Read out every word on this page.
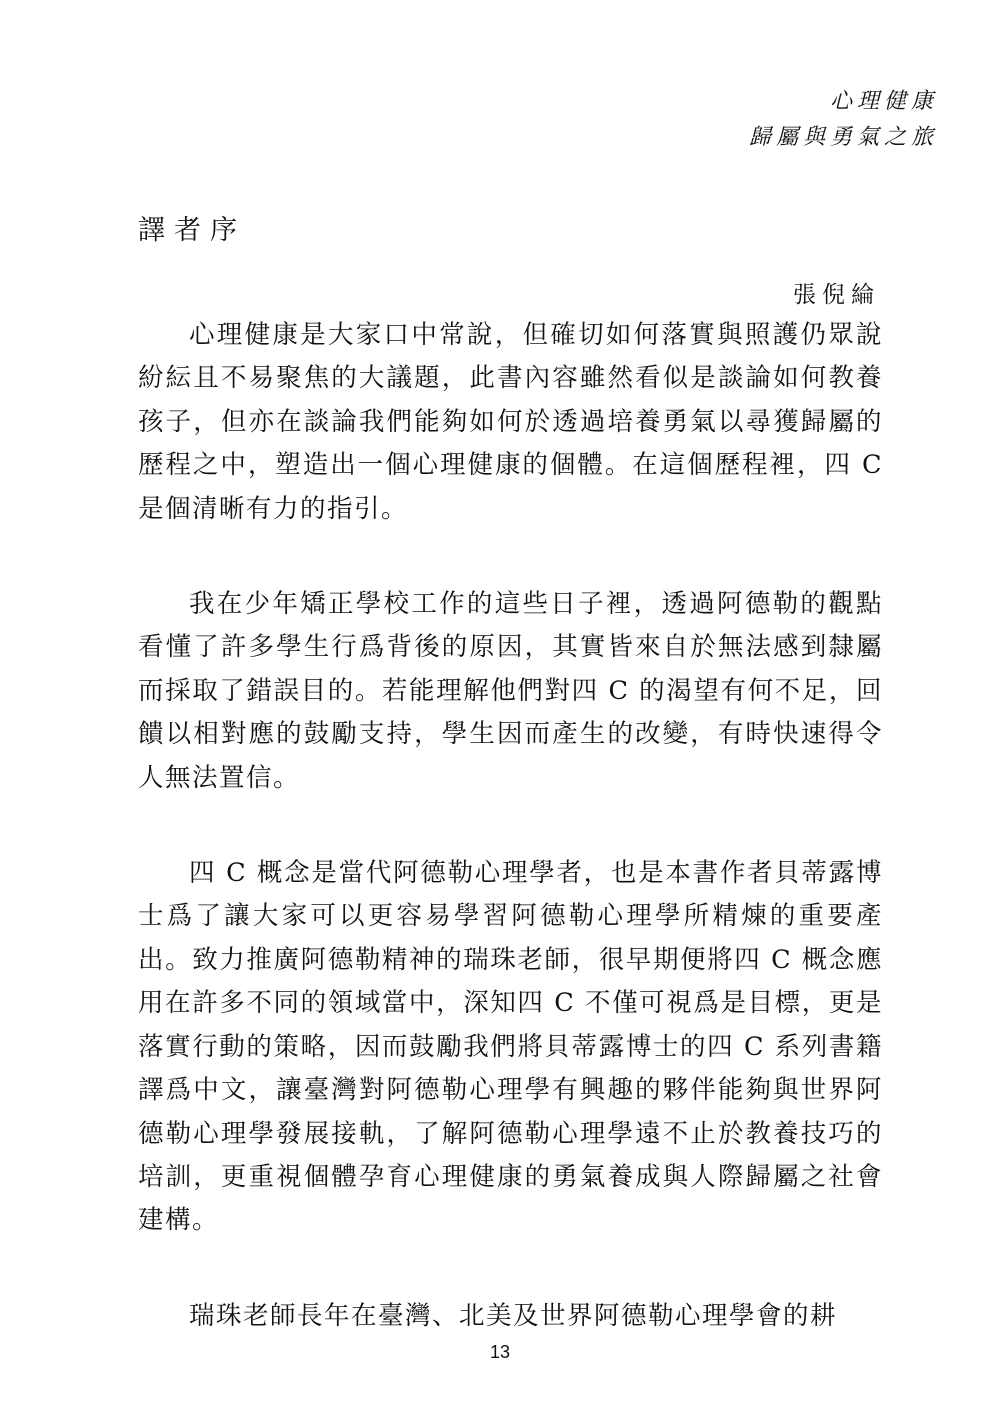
心理健康
歸屬與勇氣之旅
譯者序
張倪綸

心理健康是大家口中常說，但確切如何落實與照護仍眾說紛紜且不易聚焦的大議題，此書內容雖然看似是談論如何教養孩子，但亦在談論我們能夠如何於透過培養勇氣以尋獲歸屬的歷程之中，塑造出一個心理健康的個體。在這個歷程裡，四 C 是個清晰有力的指引。

我在少年矯正學校工作的這些日子裡，透過阿德勒的觀點看懂了許多學生行爲背後的原因，其實皆來自於無法感到隸屬而採取了錯誤目的。若能理解他們對四 C 的渴望有何不足，回饋以相對應的鼓勵支持，學生因而產生的改變，有時快速得令人無法置信。

四 C 概念是當代阿德勒心理學者，也是本書作者貝蒂露博士爲了讓大家可以更容易學習阿德勒心理學所精煉的重要產出。致力推廣阿德勒精神的瑞珠老師，很早期便將四 C 概念應用在許多不同的領域當中，深知四 C 不僅可視爲是目標，更是落實行動的策略，因而鼓勵我們將貝蒂露博士的四 C 系列書籍譯爲中文，讓臺灣對阿德勒心理學有興趣的夥伴能夠與世界阿德勒心理學發展接軌，了解阿德勒心理學遠不止於教養技巧的培訓，更重視個體孕育心理健康的勇氣養成與人際歸屬之社會建構。

瑞珠老師長年在臺灣、北美及世界阿德勒心理學會的耕

13
